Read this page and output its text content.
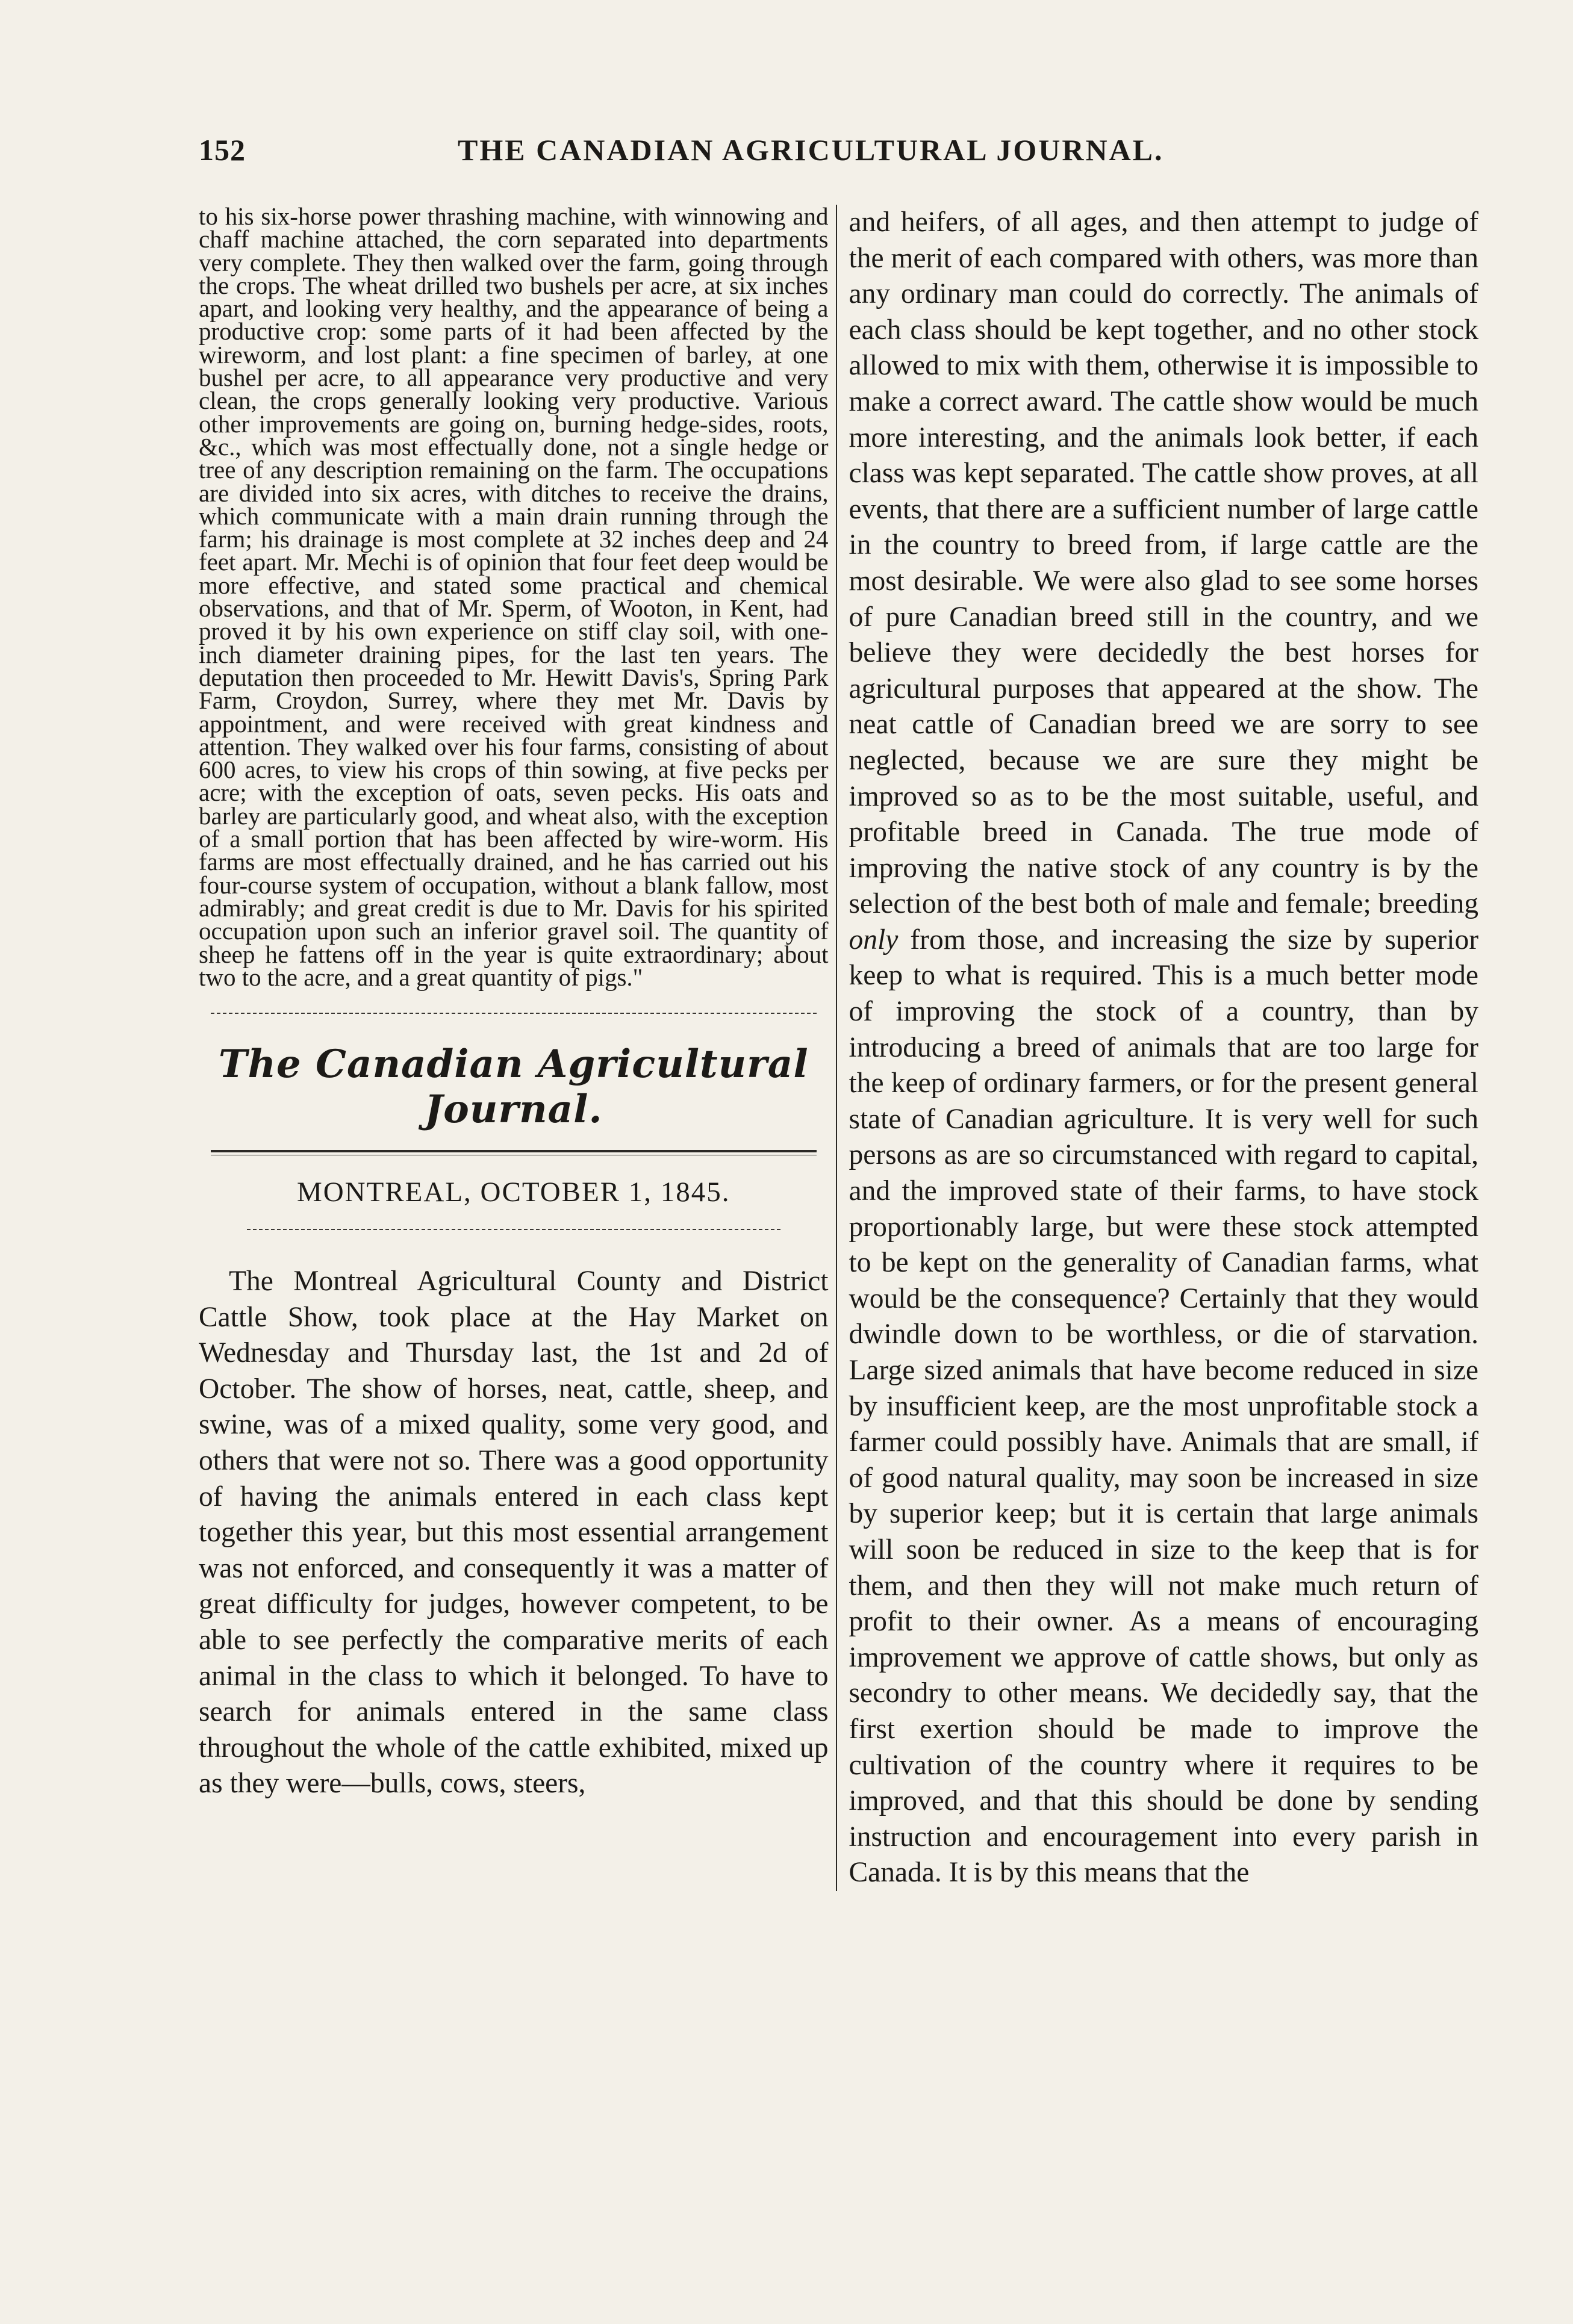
152	THE CANADIAN AGRICULTURAL JOURNAL.

to his six-horse power thrashing machine, with winnowing and chaff machine attached, the corn separated into departments very complete. They then walked over the farm, going through the crops. The wheat drilled two bushels per acre, at six inches apart, and looking very healthy, and the appearance of being a productive crop: some parts of it had been affected by the wireworm, and lost plant: a fine specimen of barley, at one bushel per acre, to all appearance very productive and very clean, the crops generally looking very productive. Various other improvements are going on, burning hedge-sides, roots, &c., which was most effectually done, not a single hedge or tree of any description remaining on the farm. The occupations are divided into six acres, with ditches to receive the drains, which communicate with a main drain running through the farm; his drainage is most complete at 32 inches deep and 24 feet apart. Mr. Mechi is of opinion that four feet deep would be more effective, and stated some practical and chemical observations, and that of Mr. Sperm, of Wooton, in Kent, had proved it by his own experience on stiff clay soil, with one-inch diameter draining pipes, for the last ten years. The deputation then proceeded to Mr. Hewitt Davis's, Spring Park Farm, Croydon, Surrey, where they met Mr. Davis by appointment, and were received with great kindness and attention. They walked over his four farms, consisting of about 600 acres, to view his crops of thin sowing, at five pecks per acre; with the exception of oats, seven pecks. His oats and barley are particularly good, and wheat also, with the exception of a small portion that has been affected by wire-worm. His farms are most effectually drained, and he has carried out his four-course system of occupation, without a blank fallow, most admirably; and great credit is due to Mr. Davis for his spirited occupation upon such an inferior gravel soil. The quantity of sheep he fattens off in the year is quite extraordinary; about two to the acre, and a great quantity of pigs."

The Canadian Agricultural Journal.
MONTREAL, OCTOBER 1, 1845.

The Montreal Agricultural County and District Cattle Show, took place at the Hay Market on Wednesday and Thursday last, the 1st and 2d of October. The show of horses, neat, cattle, sheep, and swine, was of a mixed quality, some very good, and others that were not so. There was a good opportunity of having the animals entered in each class kept together this year, but this most essential arrangement was not enforced, and consequently it was a matter of great difficulty for judges, however competent, to be able to see perfectly the comparative merits of each animal in the class to which it belonged. To have to search for animals entered in the same class throughout the whole of the cattle exhibited, mixed up as they were—bulls, cows, steers,

and heifers, of all ages, and then attempt to judge of the merit of each compared with others, was more than any ordinary man could do correctly. The animals of each class should be kept together, and no other stock allowed to mix with them, otherwise it is impossible to make a correct award. The cattle show would be much more interesting, and the animals look better, if each class was kept separated. The cattle show proves, at all events, that there are a sufficient number of large cattle in the country to breed from, if large cattle are the most desirable. We were also glad to see some horses of pure Canadian breed still in the country, and we believe they were decidedly the best horses for agricultural purposes that appeared at the show. The neat cattle of Canadian breed we are sorry to see neglected, because we are sure they might be improved so as to be the most suitable, useful, and profitable breed in Canada. The true mode of improving the native stock of any country is by the selection of the best both of male and female; breeding only from those, and increasing the size by superior keep to what is required. This is a much better mode of improving the stock of a country, than by introducing a breed of animals that are too large for the keep of ordinary farmers, or for the present general state of Canadian agriculture. It is very well for such persons as are so circumstanced with regard to capital, and the improved state of their farms, to have stock proportionably large, but were these stock attempted to be kept on the generality of Canadian farms, what would be the consequence? Certainly that they would dwindle down to be worthless, or die of starvation. Large sized animals that have become reduced in size by insufficient keep, are the most unprofitable stock a farmer could possibly have. Animals that are small, if of good natural quality, may soon be increased in size by superior keep; but it is certain that large animals will soon be reduced in size to the keep that is for them, and then they will not make much return of profit to their owner. As a means of encouraging improvement we approve of cattle shows, but only as secondry to other means. We decidedly say, that the first exertion should be made to improve the cultivation of the country where it requires to be improved, and that this should be done by sending instruction and encouragement into every parish in Canada. It is by this means that the
